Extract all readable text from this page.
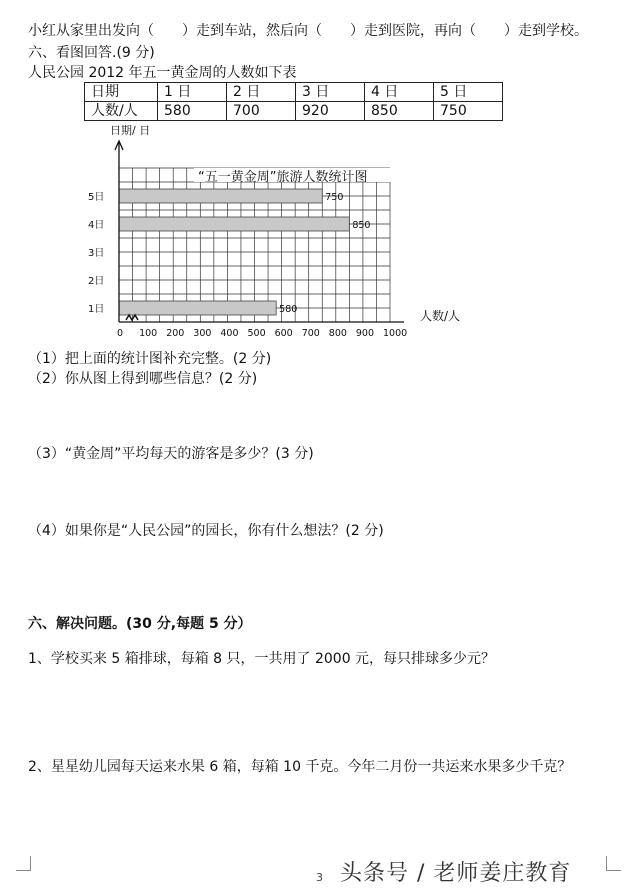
小红从家里出发向（　　）走到车站，然后向（　　）走到医院，再向（　　）走到学校。
六、看图回答.(9 分)
人民公园 2012 年五一黄金周的人数如下表
日期	1 日	2 日	3 日	4 日	5 日
人数/人	580	700	920	850	750
“五一黄金周”旅游人数统计图
日期/ 日
人数/人
1日	580
2日
3日
4日	850
5日	750
0 100 200 300 400 500 600 700 800 900 1000
（1）把上面的统计图补充完整。(2 分)
（2）你从图上得到哪些信息？(2 分)
（3）“黄金周”平均每天的游客是多少？(3 分)
（4）如果你是“人民公园”的园长，你有什么想法？(2 分)
六、解决问题。(30 分,每题 5 分）
1、学校买来 5 箱排球，每箱 8 只，一共用了 2000 元，每只排球多少元？
2、星星幼儿园每天运来水果 6 箱，每箱 10 千克。今年二月份一共运来水果多少千克？
3 头条号 / 老师姜庄教育
